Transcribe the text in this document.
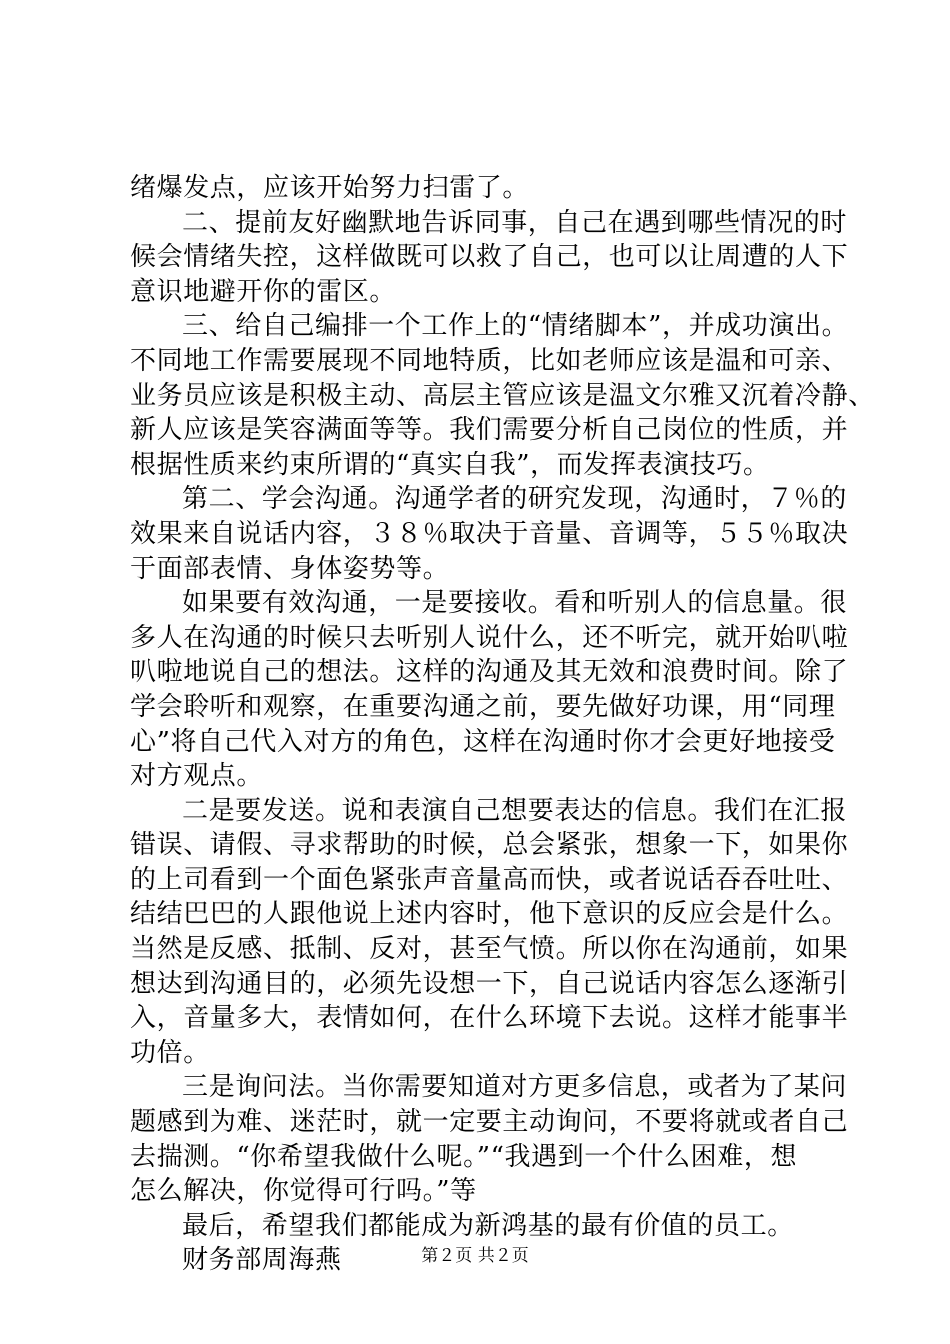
绪爆发点，应该开始努力扫雷了。
二、提前友好幽默地告诉同事，自己在遇到哪些情况的时
候会情绪失控，这样做既可以救了自己，也可以让周遭的人下
意识地避开你的雷区。
三、给自己编排一个工作上的“情绪脚本”，并成功演出。
不同地工作需要展现不同地特质，比如老师应该是温和可亲、
业务员应该是积极主动、高层主管应该是温文尔雅又沉着冷静、
新人应该是笑容满面等等。我们需要分析自己岗位的性质，并
根据性质来约束所谓的“真实自我”，而发挥表演技巧。
第二、学会沟通。沟通学者的研究发现，沟通时，７％的
效果来自说话内容，３８％取决于音量、音调等，５５％取决
于面部表情、身体姿势等。
如果要有效沟通，一是要接收。看和听别人的信息量。很
多人在沟通的时候只去听别人说什么，还不听完，就开始叭啦
叭啦地说自己的想法。这样的沟通及其无效和浪费时间。除了
学会聆听和观察，在重要沟通之前，要先做好功课，用“同理
心”将自己代入对方的角色，这样在沟通时你才会更好地接受
对方观点。
二是要发送。说和表演自己想要表达的信息。我们在汇报
错误、请假、寻求帮助的时候，总会紧张，想象一下，如果你
的上司看到一个面色紧张声音量高而快，或者说话吞吞吐吐、
结结巴巴的人跟他说上述内容时，他下意识的反应会是什么。
当然是反感、抵制、反对，甚至气愤。所以你在沟通前，如果
想达到沟通目的，必须先设想一下，自己说话内容怎么逐渐引
入，音量多大，表情如何，在什么环境下去说。这样才能事半
功倍。
三是询问法。当你需要知道对方更多信息，或者为了某问
题感到为难、迷茫时，就一定要主动询问，不要将就或者自己
去揣测。“你希望我做什么呢。”“我遇到一个什么困难，想
怎么解决，你觉得可行吗。”等
最后，希望我们都能成为新鸿基的最有价值的员工。
财务部周海燕	第２页 共２页
